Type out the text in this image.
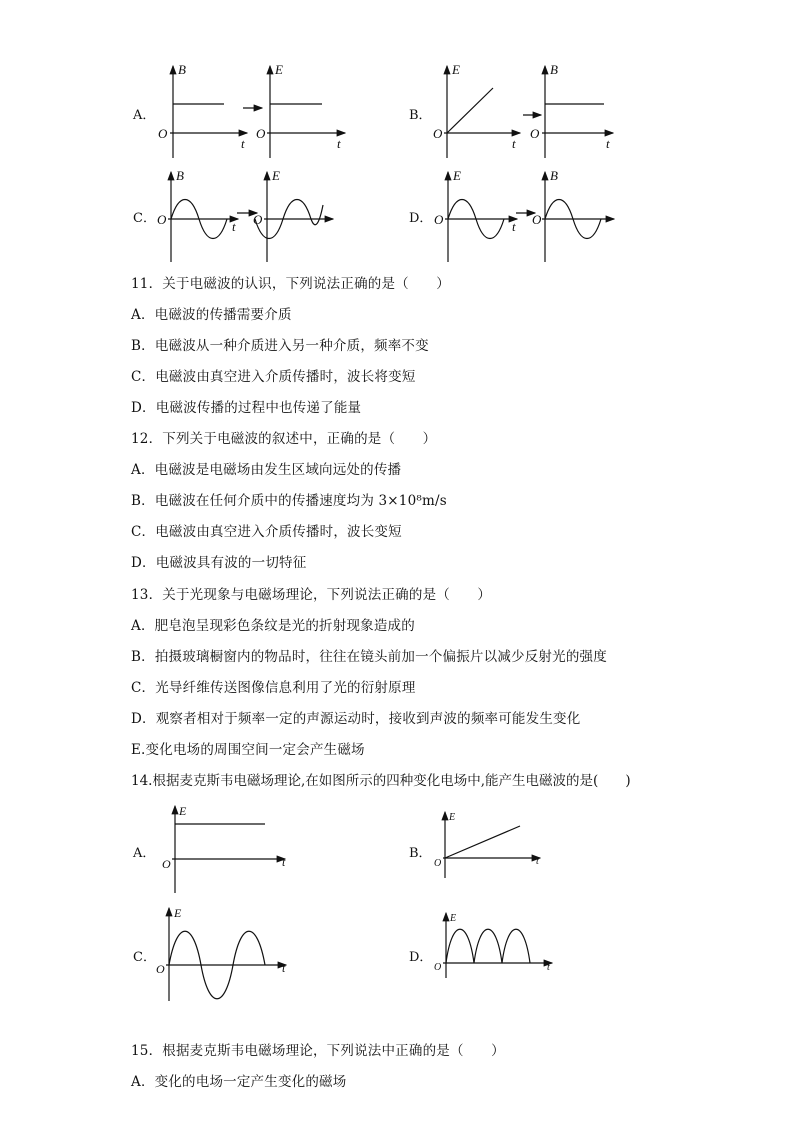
B
O
t
E
O
t
E
O
t
B
O
t
B
O	t
E
O
E
O	t
B
O
E
O	t
E
O	t
E
O	t
E
O	t
A．	B．
C．	D．
11．关于电磁波的认识，下列说法正确的是（　　）
A．电磁波的传播需要介质
B．电磁波从一种介质进入另一种介质，频率不变
C．电磁波由真空进入介质传播时，波长将变短
D．电磁波传播的过程中也传递了能量
12．下列关于电磁波的叙述中，正确的是（　　）
A．电磁波是电磁场由发生区域向远处的传播
B．电磁波在任何介质中的传播速度均为 3×10⁸m/s
C．电磁波由真空进入介质传播时，波长变短
D．电磁波具有波的一切特征
13．关于光现象与电磁场理论，下列说法正确的是（　　）
A．肥皂泡呈现彩色条纹是光的折射现象造成的
B．拍摄玻璃橱窗内的物品时，往往在镜头前加一个偏振片以减少反射光的强度
C．光导纤维传送图像信息利用了光的衍射原理
D．观察者相对于频率一定的声源运动时，接收到声波的频率可能发生变化
E.变化电场的周围空间一定会产生磁场
14.根据麦克斯韦电磁场理论,在如图所示的四种变化电场中,能产生电磁波的是(　　)
A．	B．
C．	D．
15．根据麦克斯韦电磁场理论，下列说法中正确的是（　　）
A．变化的电场一定产生变化的磁场
